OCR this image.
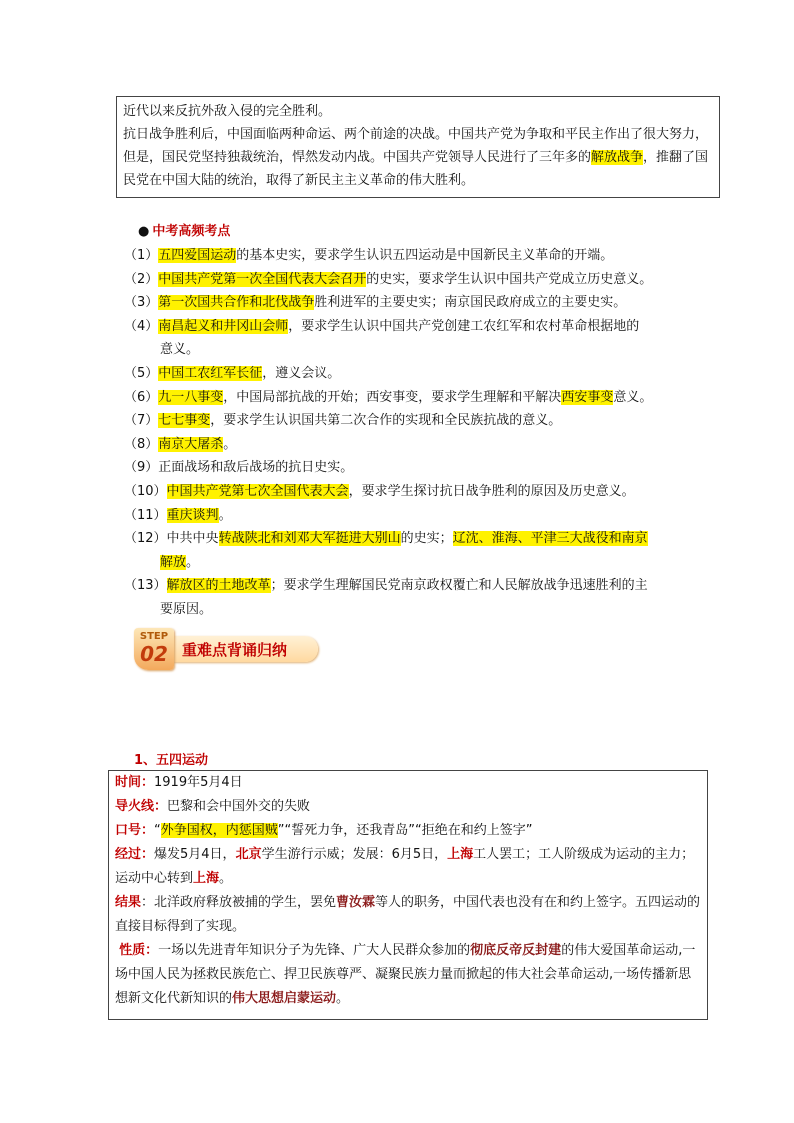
近代以来反抗外敌入侵的完全胜利。

抗日战争胜利后，中国面临两种命运、两个前途的决战。中国共产党为争取和平民主作出了很大努力，但是，国民党坚持独裁统治，悍然发动内战。中国共产党领导人民进行了三年多的解放战争，推翻了国民党在中国大陆的统治，取得了新民主主义革命的伟大胜利。

● 中考高频考点
（1）五四爱国运动的基本史实，要求学生认识五四运动是中国新民主义革命的开端。
（2）中国共产党第一次全国代表大会召开的史实，要求学生认识中国共产党成立历史意义。
（3）第一次国共合作和北伐战争胜利进军的主要史实；南京国民政府成立的主要史实。
（4）南昌起义和井冈山会师，要求学生认识中国共产党创建工农红军和农村革命根据地的
意义。
（5）中国工农红军长征，遵义会议。
（6）九一八事变，中国局部抗战的开始；西安事变，要求学生理解和平解决西安事变意义。
（7）七七事变，要求学生认识国共第二次合作的实现和全民族抗战的意义。
（8）南京大屠杀。
（9）正面战场和敌后战场的抗日史实。
（10）中国共产党第七次全国代表大会，要求学生探讨抗日战争胜利的原因及历史意义。
（11）重庆谈判。
（12）中共中央转战陕北和刘邓大军挺进大别山的史实；辽沈、淮海、平津三大战役和南京
解放。
（13）解放区的土地改革；要求学生理解国民党南京政权覆亡和人民解放战争迅速胜利的主
要原因。
重难点背诵归纳
STEP
02
1、五四运动
时间：1919年5月4日
导火线：巴黎和会中国外交的失败
口号：“外争国权，内惩国贼”“誓死力争，还我青岛”“拒绝在和约上签字”
经过：爆发5月4日，北京学生游行示威；发展：6月5日，上海工人罢工；工人阶级成为运动的主力；运动中心转到上海。
结果：北洋政府释放被捕的学生，罢免曹汝霖等人的职务，中国代表也没有在和约上签字。五四运动的直接目标得到了实现。
性质：一场以先进青年知识分子为先锋、广大人民群众参加的彻底反帝反封建的伟大爱国革命运动,一场中国人民为拯救民族危亡、捍卫民族尊严、凝聚民族力量而掀起的伟大社会革命运动,一场传播新思想新文化代新知识的伟大思想启蒙运动。
